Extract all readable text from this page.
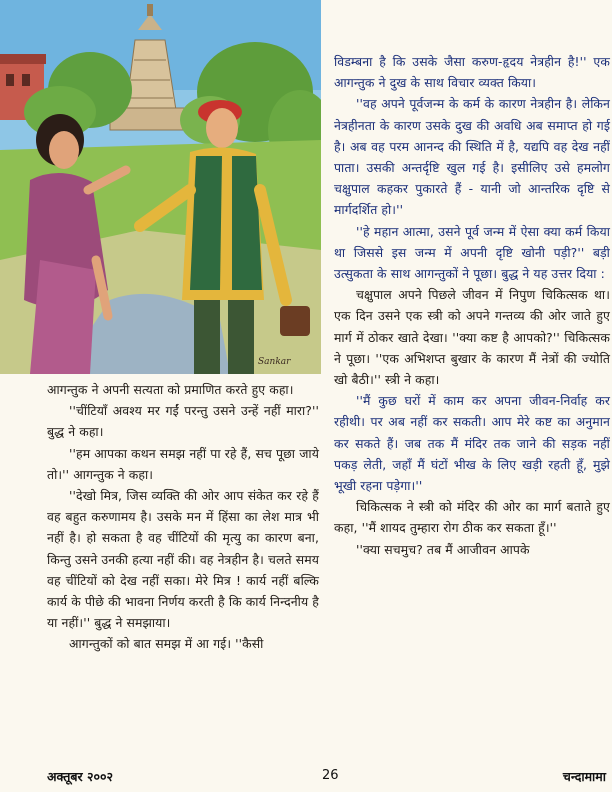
Sankar

आगन्तुक ने अपनी सत्यता को प्रमाणित करते हुए कहा।

''चींटियाँ अवश्य मर गईं परन्तु उसने उन्हें नहीं मारा?'' बुद्ध ने कहा।

''हम आपका कथन समझ नहीं पा रहे हैं, सच पूछा जाये तो।'' आगन्तुक ने कहा।

''देखो मित्र, जिस व्यक्ति की ओर आप संकेत कर रहे हैं वह बहुत करुणामय है। उसके मन में हिंसा का लेश मात्र भी नहीं है। हो सकता है वह चींटियों की मृत्यु का कारण बना, किन्तु उसने उनकी हत्या नहीं की। वह नेत्रहीन है। चलते समय वह चींटियों को देख नहीं सका। मेरे मित्र ! कार्य नहीं बल्कि कार्य के पीछे की भावना निर्णय करती है कि कार्य निन्दनीय है या नहीं।'' बुद्ध ने समझाया।

आगन्तुकों को बात समझ में आ गई। ''कैसी

विडम्बना है कि उसके जैसा करुण-हृदय नेत्रहीन है!'' एक आगन्तुक ने दुख के साथ विचार व्यक्त किया।

''वह अपने पूर्वजन्म के कर्म के कारण नेत्रहीन है। लेकिन नेत्रहीनता के कारण उसके दुख की अवधि अब समाप्त हो गई है। अब वह परम आनन्द की स्थिति में है, यद्यपि वह देख नहीं पाता। उसकी अन्तर्दृष्टि खुल गई है। इसीलिए उसे हमलोग चक्षुपाल कहकर पुकारते हैं - यानी जो आन्तरिक दृष्टि से मार्गदर्शित हो।''

''हे महान आत्मा, उसने पूर्व जन्म में ऐसा क्या कर्म किया था जिससे इस जन्म में अपनी दृष्टि खोनी पड़ी?'' बड़ी उत्सुकता के साथ आगन्तुकों ने पूछा। बुद्ध ने यह उत्तर दिया :

चक्षुपाल अपने पिछले जीवन में निपुण चिकित्सक था। एक दिन उसने एक स्त्री को अपने गन्तव्य की ओर जाते हुए मार्ग में ठोकर खाते देखा। ''क्या कष्ट है आपको?'' चिकित्सक ने पूछा। ''एक अभिशप्त बुखार के कारण मैं नेत्रों की ज्योति खो बैठी।'' स्त्री ने कहा।

''मैं कुछ घरों में काम कर अपना जीवन-निर्वाह कर रहीथी। पर अब नहीं कर सकती। आप मेरे कष्ट का अनुमान कर सकते हैं। जब तक मैं मंदिर तक जाने की सड़क नहीं पकड़ लेती, जहाँ मैं घंटों भीख के लिए खड़ी रहती हूँ, मुझे भूखी रहना पड़ेगा।''

चिकित्सक ने स्त्री को मंदिर की ओर का मार्ग बताते हुए कहा, ''मैं शायद तुम्हारा रोग ठीक कर सकता हूँ।''

''क्या सचमुच? तब मैं आजीवन आपके

अक्तूबर २००२	26	चन्दामामा
